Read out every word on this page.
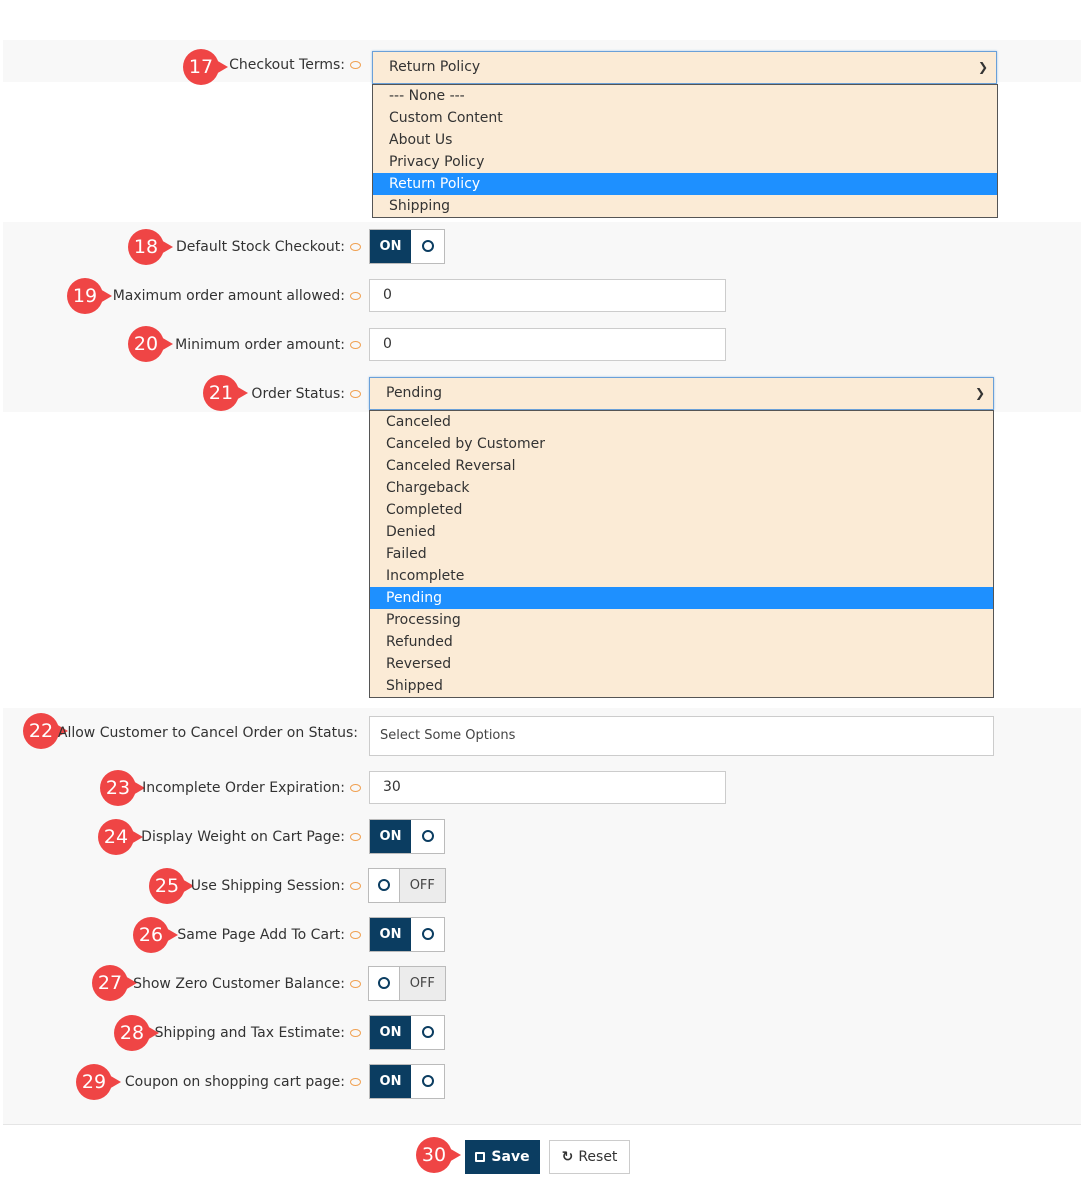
17	Checkout Terms:	Return Policy	❯
--- None ---
Custom Content
About Us
Privacy Policy
Return Policy
Shipping
18	Default Stock Checkout:	ON
19	Maximum order amount allowed:	0
20	Minimum order amount:	0
21	Order Status:	Pending	❯
Canceled
Canceled by Customer
Canceled Reversal
Chargeback
Completed
Denied
Failed
Incomplete
Pending
Processing
Refunded
Reversed
Shipped
22 Allow Customer to Cancel Order on Status:	Select Some Options
23 Incomplete Order Expiration:	30
24 Display Weight on Cart Page:	ON
25 Use Shipping Session:	OFF
26	Same Page Add To Cart:	ON
27 Show Zero Customer Balance:	OFF
28 Shipping and Tax Estimate:	ON
29	Coupon on shopping cart page:	ON
30	Save	↻ Reset
